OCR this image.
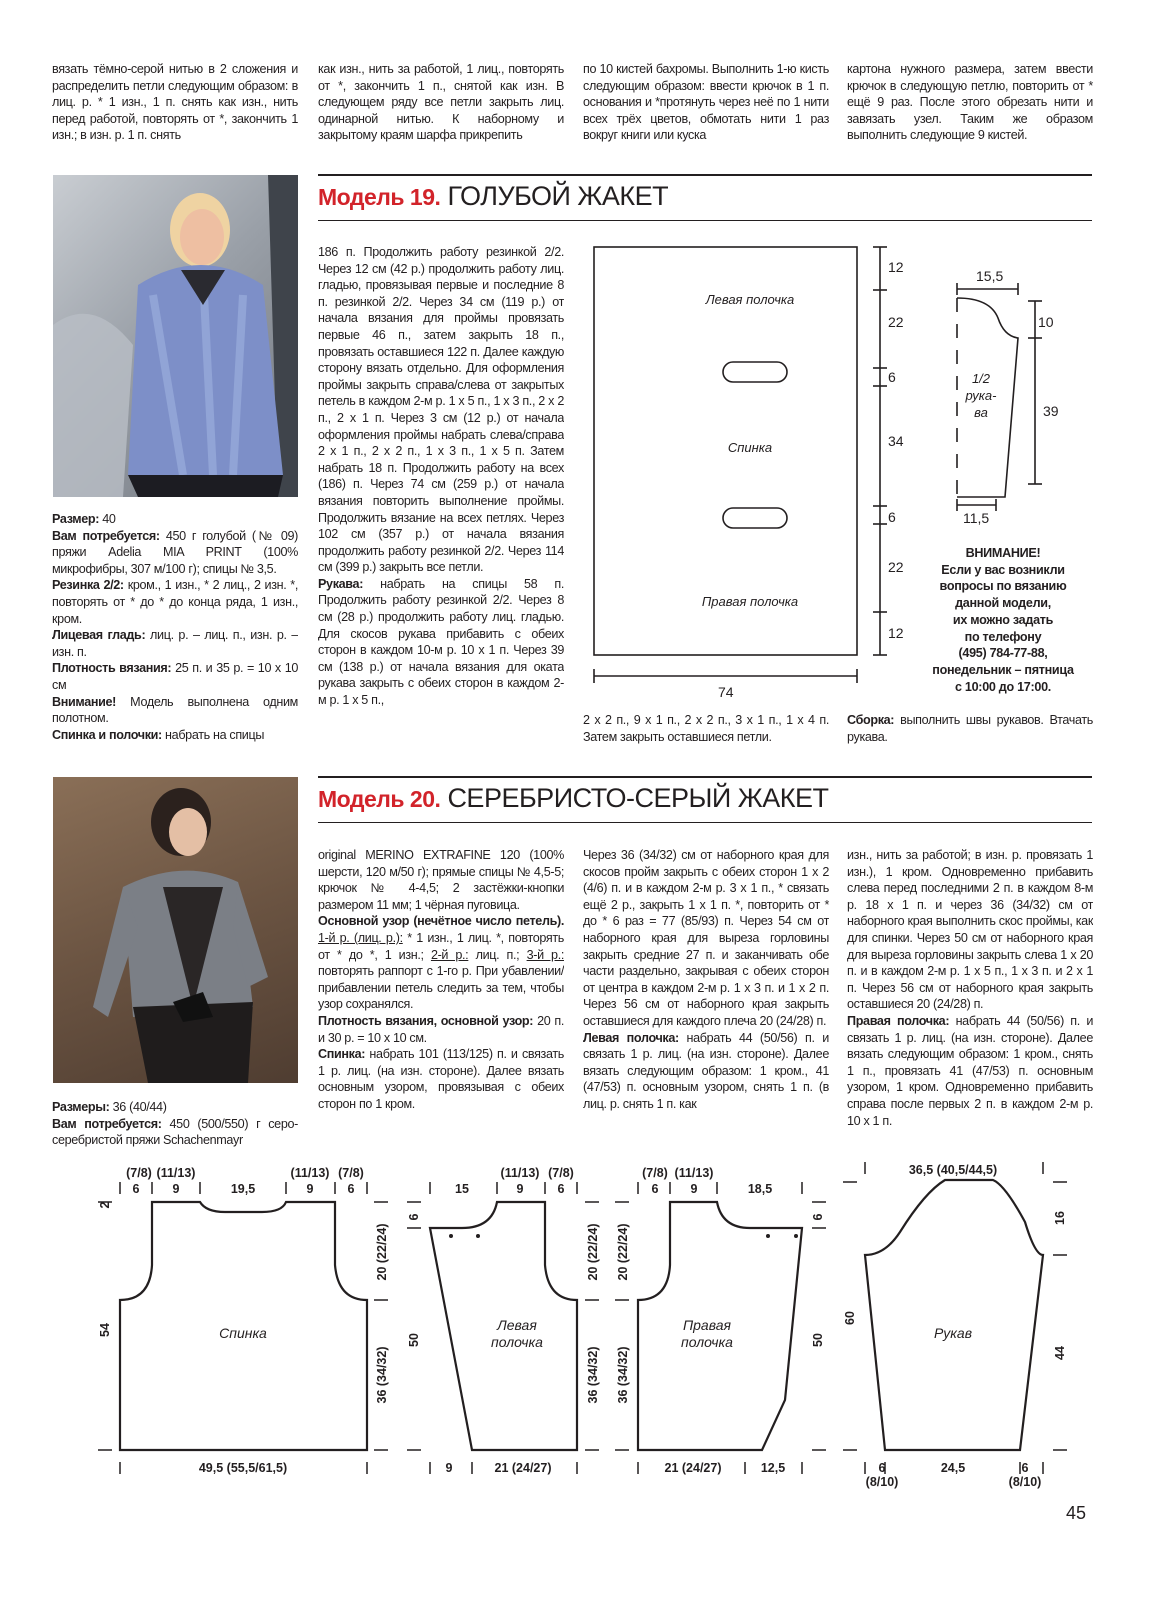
вязать тёмно-серой нитью в 2 сложения и распределить петли следующим образом: в лиц. р. * 1 изн., 1 п. снять как изн., нить перед работой, повторять от *, закончить 1 изн.; в изн. р. 1 п. снять

как изн., нить за работой, 1 лиц., повторять от *, закончить 1 п., снятой как изн. В следующем ряду все петли закрыть лиц. одинарной нитью. К наборному и закрытому краям шарфа прикрепить

по 10 кистей бахромы. Выполнить 1-ю кисть следующим образом: ввести крючок в 1 п. основания и *протянуть через неё по 1 нити всех трёх цветов, обмотать нити 1 раз вокруг книги или куска

картона нужного размера, затем ввести крючок в следующую петлю, повторить от * ещё 9 раз. После этого обрезать нити и завязать узел. Таким же образом выполнить следующие 9 кистей.

Модель 19. ГОЛУБОЙ ЖАКЕТ

Размер: 40

Вам потребуется: 450 г голубой (№ 09) пряжи Adelia MIA PRINT (100% микрофибры, 307 м/100 г); спицы № 3,5.

Резинка 2/2: кром., 1 изн., * 2 лиц., 2 изн. *, повторять от * до * до конца ряда, 1 изн., кром.

Лицевая гладь: лиц. р. – лиц. п., изн. р. – изн. п.

Плотность вязания: 25 п. и 35 р. = 10 х 10 см

Внимание! Модель выполнена одним полотном.

Спинка и полочки: набрать на спицы

186 п. Продолжить работу резинкой 2/2. Через 12 см (42 р.) продолжить работу лиц. гладью, провязывая первые и последние 8 п. резинкой 2/2. Через 34 см (119 р.) от начала вязания для проймы провязать первые 46 п., затем закрыть 18 п., провязать оставшиеся 122 п. Далее каждую сторону вязать отдельно. Для оформления проймы закрыть справа/слева от закрытых петель в каждом 2-м р. 1 х 5 п., 1 х 3 п., 2 х 2 п., 2 х 1 п. Через 3 см (12 р.) от начала оформления проймы набрать слева/справа 2 х 1 п., 2 х 2 п., 1 х 3 п., 1 х 5 п. Затем набрать 18 п. Продолжить работу на всех (186) п. Через 74 см (259 р.) от начала вязания повторить выполнение проймы. Продолжить вязание на всех петлях. Через 102 см (357 р.) от начала вязания продолжить работу резинкой 2/2. Через 114 см (399 р.) закрыть все петли.

Рукава: набрать на спицы 58 п. Продолжить работу резинкой 2/2. Через 8 см (28 р.) продолжить работу лиц. гладью. Для скосов рукава прибавить с обеих сторон в каждом 10-м р. 10 х 1 п. Через 39 см (138 р.) от начала вязания для оката рукава закрыть с обеих сторон в каждом 2-м р. 1 х 5 п.,

Левая полочка
Спинка
Правая полочка
1/2
рука-
ва
12
22
6
34
6
22
12
74
15,5
10
39
11,5
ВНИМАНИЕ!
Если у вас возникли
вопросы по вязанию
данной модели,
их можно задать
по телефону
(495) 784-77-88,
понедельник – пятница
с 10:00 до 17:00.

2 х 2 п., 9 х 1 п., 2 х 2 п., 3 х 1 п., 1 х 4 п. Затем закрыть оставшиеся петли.

Сборка: выполнить швы рукавов. Втачать рукава.

Модель 20. СЕРЕБРИСТО-СЕРЫЙ ЖАКЕТ

Размеры: 36 (40/44)

Вам потребуется: 450 (500/550) г серо-серебристой пряжи Schachenmayr

original MERINO EXTRAFINE 120 (100% шерсти, 120 м/50 г); прямые спицы № 4,5-5; крючок № 4-4,5; 2 застёжки-кнопки размером 11 мм; 1 чёрная пуговица.

Основной узор (нечётное число петель). 1-й р. (лиц. р.): * 1 изн., 1 лиц. *, повторять от * до *, 1 изн.; 2-й р.: лиц. п.; 3-й р.: повторять раппорт с 1-го р. При убавлении/прибавлении петель следить за тем, чтобы узор сохранялся.

Плотность вязания, основной узор: 20 п. и 30 р. = 10 х 10 см.

Спинка: набрать 101 (113/125) п. и связать 1 р. лиц. (на изн. стороне). Далее вязать основным узором, провязывая с обеих сторон по 1 кром.

Через 36 (34/32) см от наборного края для скосов пройм закрыть с обеих сторон 1 х 2 (4/6) п. и в каждом 2-м р. 3 х 1 п., * связать ещё 2 р., закрыть 1 х 1 п. *, повторить от * до * 6 раз = 77 (85/93) п. Через 54 см от наборного края для выреза горловины закрыть средние 27 п. и заканчивать обе части раздельно, закрывая с обеих сторон от центра в каждом 2-м р. 1 х 3 п. и 1 х 2 п. Через 56 см от наборного края закрыть оставшиеся для каждого плеча 20 (24/28) п.

Левая полочка: набрать 44 (50/56) п. и связать 1 р. лиц. (на изн. стороне). Далее вязать следующим образом: 1 кром., 41 (47/53) п. основным узором, снять 1 п. (в лиц. р. снять 1 п. как

изн., нить за работой; в изн. р. провязать 1 изн.), 1 кром. Одновременно прибавить слева перед последними 2 п. в каждом 8-м р. 18 х 1 п. и через 36 (34/32) см от наборного края выполнить скос проймы, как для спинки. Через 50 см от наборного края для выреза горловины закрыть слева 1 х 20 п. и в каждом 2-м р. 1 х 5 п., 1 х 3 п. и 2 х 1 п. Через 56 см от наборного края закрыть оставшиеся 20 (24/28) п.

Правая полочка: набрать 44 (50/56) п. и связать 1 р. лиц. (на изн. стороне). Далее вязать следующим образом: 1 кром., снять 1 п., провязать 41 (47/53) п. основным узором, 1 кром. Одновременно прибавить справа после первых 2 п. в каждом 2-м р. 10 х 1 п.

(7/8) (11/13)	(11/13) (7/8)
6	9	19,5	9	6
49,5 (55,5/61,5)
2
54
20 (22/24)
36 (34/32)
(11/13) (7/8)
15	9	6
6
50
9	21 (24/27)
20 (22/24)
36 (34/32)
20 (22/24)
36 (34/32)
(7/8) (11/13)
6	9	18,5
6
50
21 (24/27)	12,5
36,5 (40,5/44,5)
60
16
44
6
(8/10)
24,5	6
(8/10)
Спинка	Левая
полочка
Правая
полочка
Рукав
45
